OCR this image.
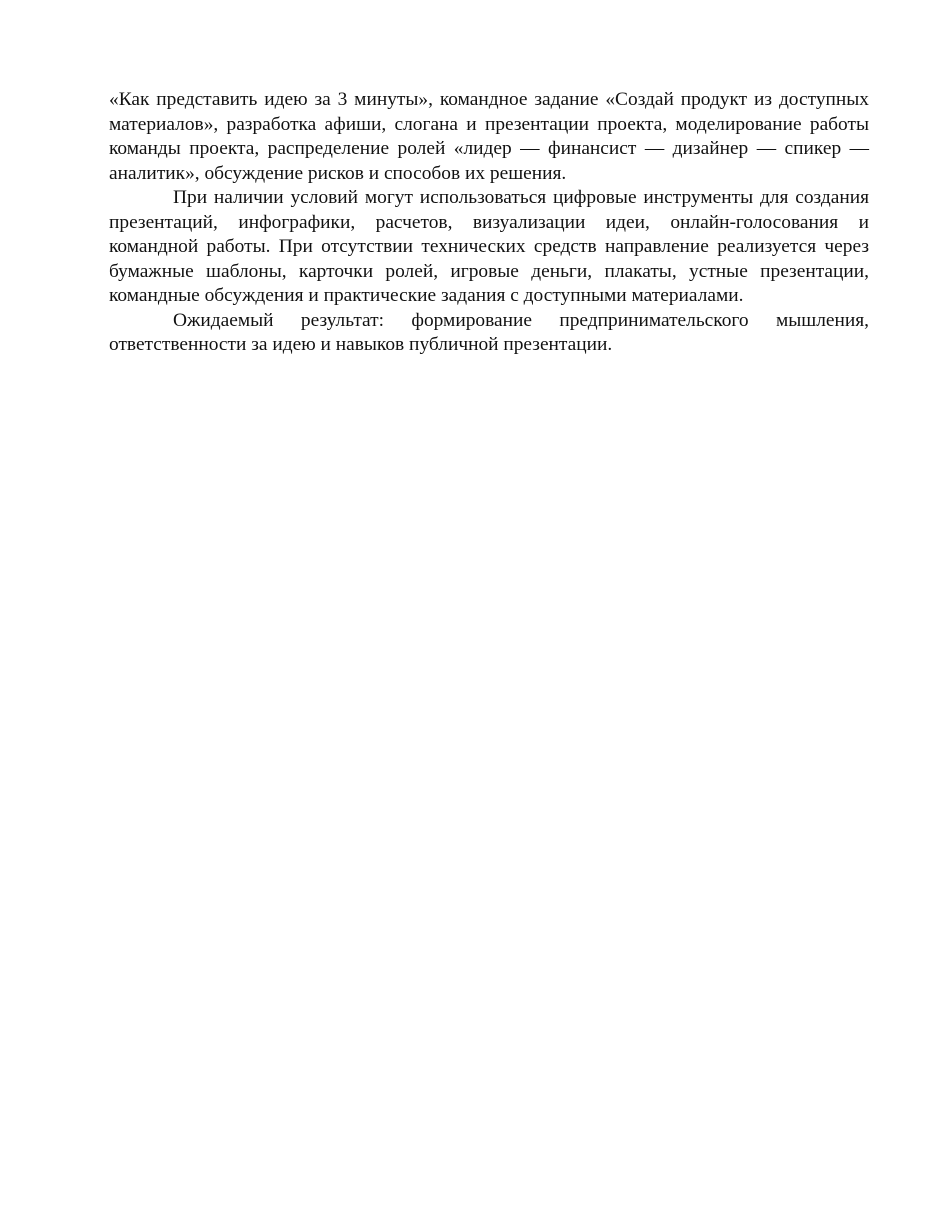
«Как представить идею за 3 минуты», командное задание «Создай продукт из доступных материалов», разработка афиши, слогана и презентации проекта, моделирование работы команды проекта, распределение ролей «лидер — финансист — дизайнер — спикер — аналитик», обсуждение рисков и способов их решения.

При наличии условий могут использоваться цифровые инструменты для создания презентаций, инфографики, расчетов, визуализации идеи, онлайн-голосования и командной работы. При отсутствии технических средств направление реализуется через бумажные шаблоны, карточки ролей, игровые деньги, плакаты, устные презентации, командные обсуждения и практические задания с доступными материалами.

Ожидаемый результат: формирование предпринимательского мышления, ответственности за идею и навыков публичной презентации.
